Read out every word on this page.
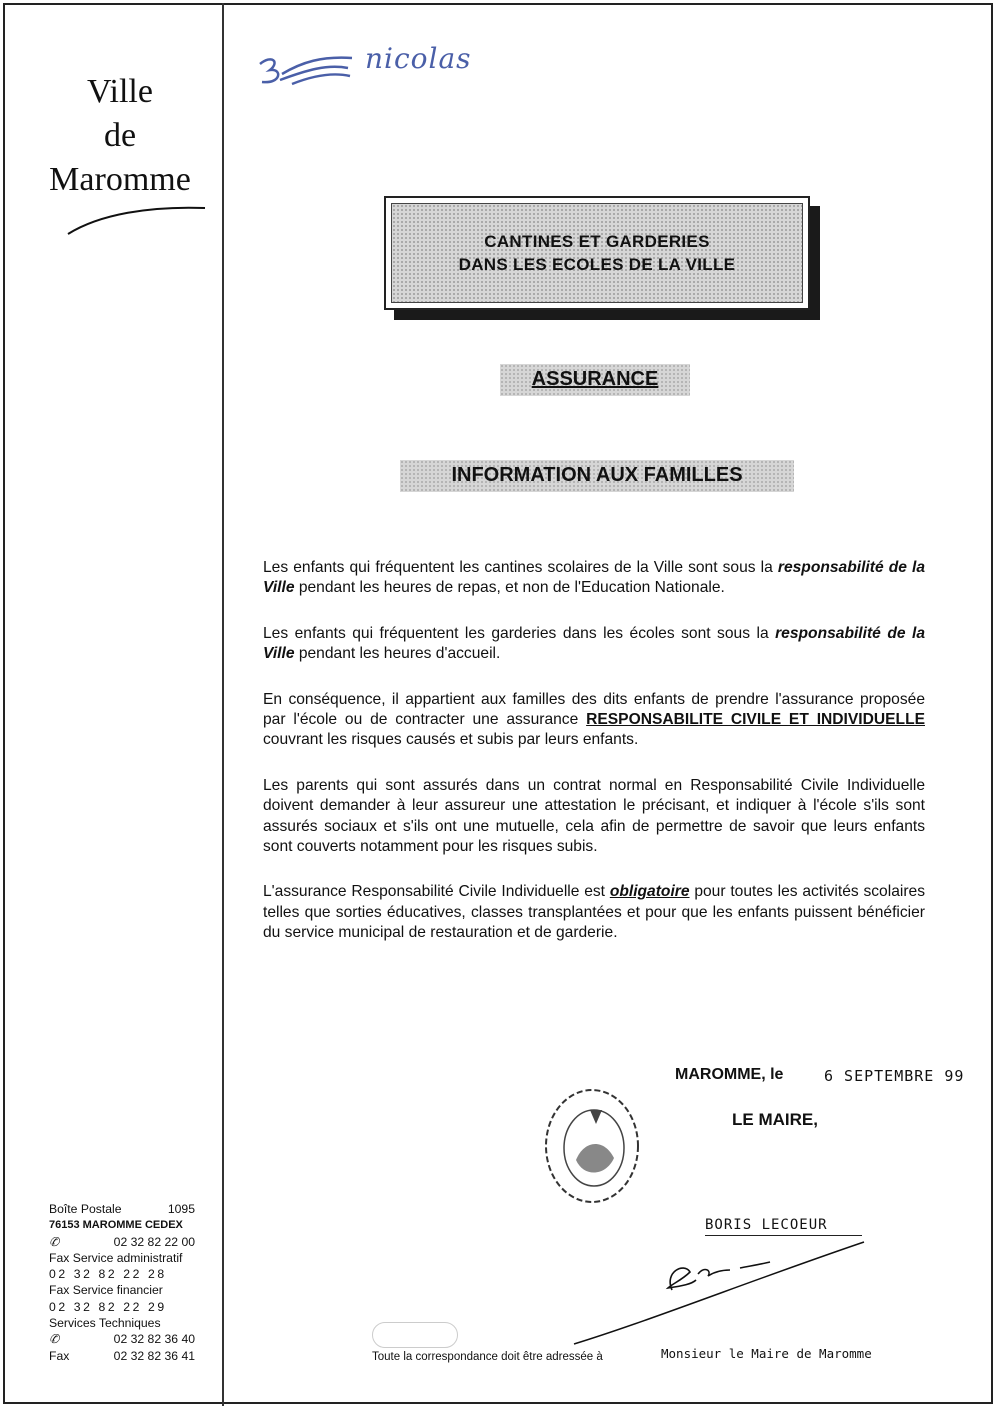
nicolas
Ville
de
Maromme
CANTINES ET GARDERIES
DANS LES ECOLES DE LA VILLE
ASSURANCE
INFORMATION AUX FAMILLES

Les enfants qui fréquentent les cantines scolaires de la Ville sont sous la responsabilité de la Ville pendant les heures de repas, et non de l'Education Nationale.

Les enfants qui fréquentent les garderies dans les écoles sont sous la responsabilité de la Ville pendant les heures d'accueil.

En conséquence, il appartient aux familles des dits enfants de prendre l'assurance proposée par l'école ou de contracter une assurance RESPONSABILITE CIVILE ET INDIVIDUELLE couvrant les risques causés et subis par leurs enfants.

Les parents qui sont assurés dans un contrat normal en Responsabilité Civile Individuelle doivent demander à leur assureur une attestation le précisant, et indiquer à l'école s'ils sont assurés sociaux et s'ils ont une mutuelle, cela afin de permettre de savoir que leurs enfants sont couverts notamment pour les risques subis.

L'assurance Responsabilité Civile Individuelle est obligatoire pour toutes les activités scolaires telles que sorties éducatives, classes transplantées et pour que les enfants puissent bénéficier du service municipal de restauration et de garderie.

MAROMME, le	6 SEPTEMBRE 99
LE MAIRE,
BORIS LECOEUR
Boîte Postale	1095
76153 MAROMME CEDEX
✆	02 32 82 22 00
Fax Service administratif
02 32 82 22 28
Fax Service financier
02 32 82 22 29
Services Techniques
✆	02 32 82 36 40
Fax	02 32 82 36 41	Toute la correspondance doit être adressée à	Monsieur le Maire de Maromme
